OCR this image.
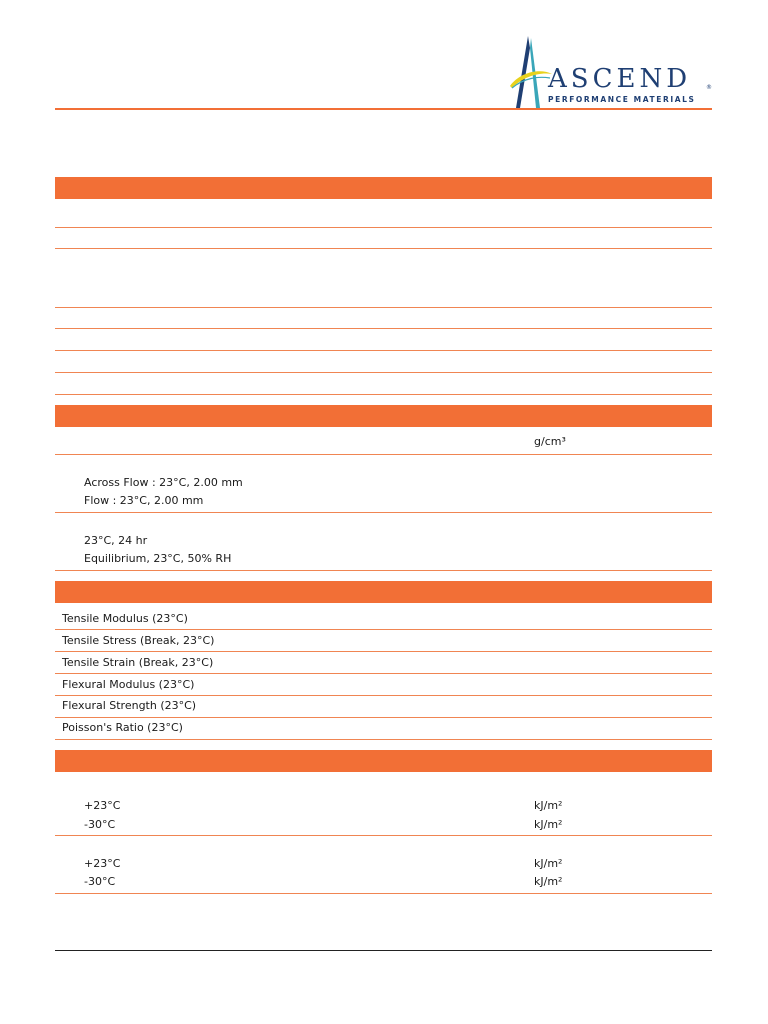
ASCEND ®
PERFORMANCE MATERIALS
g/cm³
Across Flow : 23°C, 2.00 mm
Flow : 23°C, 2.00 mm
23°C, 24 hr
Equilibrium, 23°C, 50% RH
Tensile Modulus (23°C)
Tensile Stress (Break, 23°C)
Tensile Strain (Break, 23°C)
Flexural Modulus (23°C)
Flexural Strength (23°C)
Poisson's Ratio (23°C)
+23°C	kJ/m²
-30°C	kJ/m²
+23°C	kJ/m²
-30°C	kJ/m²
